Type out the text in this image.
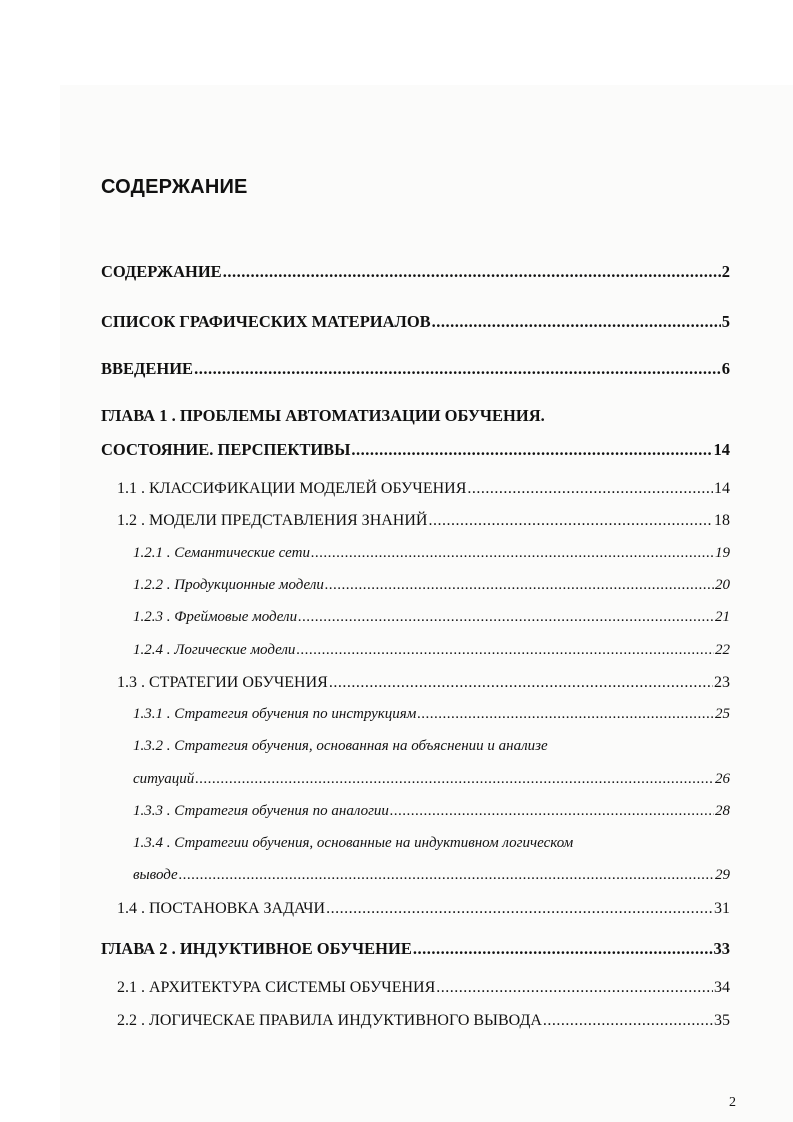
СОДЕРЖАНИЕ
СОДЕРЖАНИЕ .....	2
СПИСОК ГРАФИЧЕСКИХ МАТЕРИАЛОВ .....	5
ВВЕДЕНИЕ .....	6
ГЛАВА 1 . ПРОБЛЕМЫ АВТОМАТИЗАЦИИ ОБУЧЕНИЯ.
СОСТОЯНИЕ. ПЕРСПЕКТИВЫ .....	14
1.1 . КЛАССИФИКАЦИИ МОДЕЛЕЙ ОБУЧЕНИЯ .....	14
1.2 . МОДЕЛИ ПРЕДСТАВЛЕНИЯ ЗНАНИЙ .....	18
1.2.1 . Семантические сети .....	19
1.2.2 . Продукционные модели .....	20
1.2.3 . Фреймовые модели .....	21
1.2.4 . Логические модели .....	22
1.3 . СТРАТЕГИИ ОБУЧЕНИЯ .....	23
1.3.1 . Стратегия обучения по инструкциям .....	25
1.3.2 . Стратегия обучения, основанная на объяснении и анализе
ситуаций .....	26
1.3.3 . Стратегия обучения по аналогии .....	28
1.3.4 . Стратегии обучения, основанные на индуктивном логическом
выводе .....	29
1.4 . ПОСТАНОВКА ЗАДАЧИ .....	31
ГЛАВА 2 . ИНДУКТИВНОЕ ОБУЧЕНИЕ .....	33
2.1 . АРХИТЕКТУРА СИСТЕМЫ ОБУЧЕНИЯ .....	34
2.2 . ЛОГИЧЕСКАЕ ПРАВИЛА ИНДУКТИВНОГО ВЫВОДА .....	35
2
